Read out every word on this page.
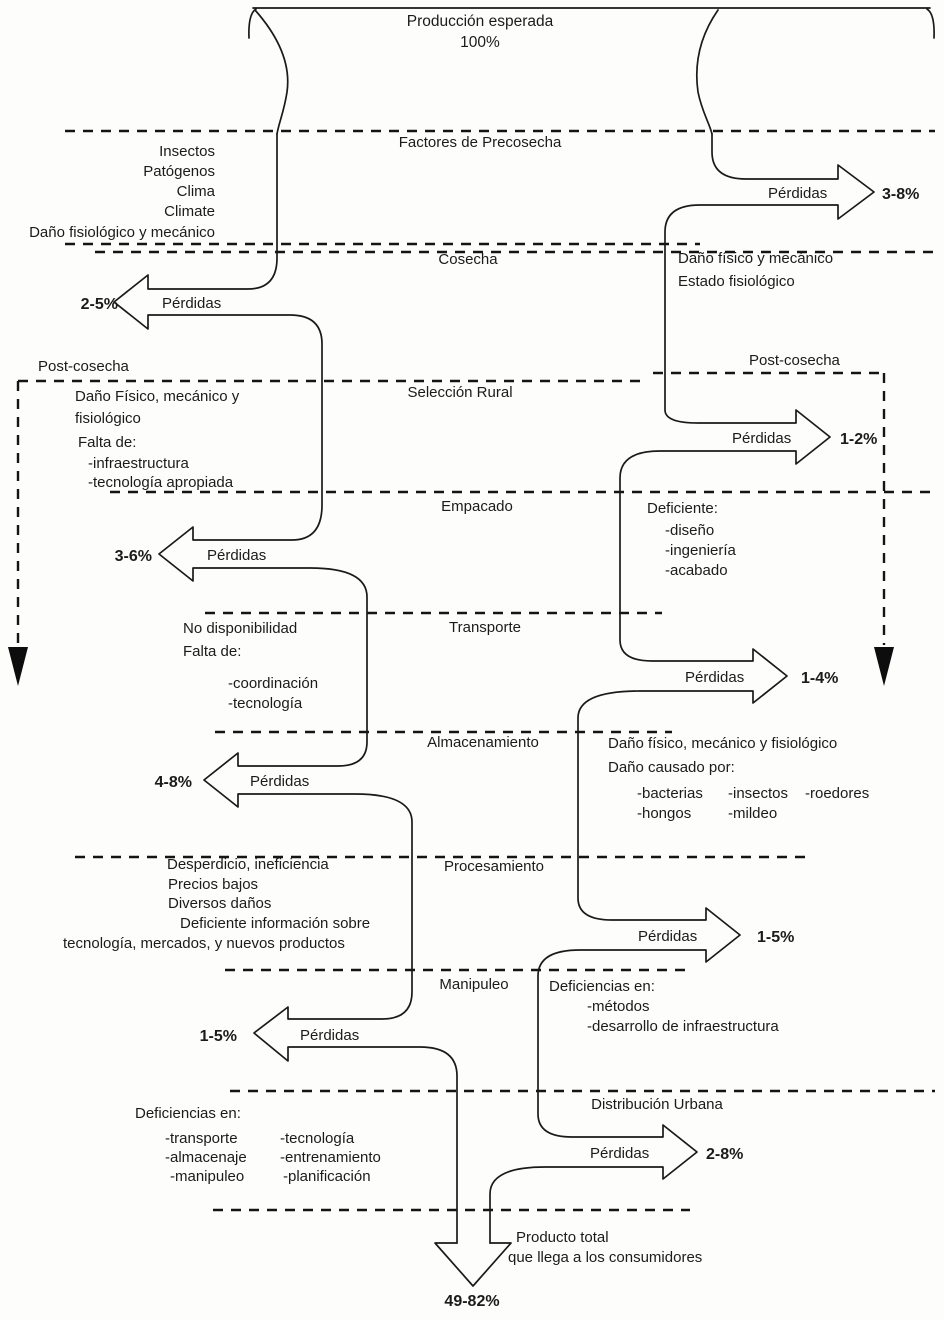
Producción esperada
100%
Factores de Precosecha
Cosecha
Post-cosecha	Post-cosecha
Selección Rural
Empacado
Transporte
Almacenamiento
Procesamiento
Manipuleo
Distribución Urbana
Insectos
Patógenos
Clima
Climate
Daño fisiológico y mecánico
Daño físico y mecánico
Estado fisiológico
Daño Físico, mecánico y
fisiológico
Falta de:
-infraestructura
-tecnología apropiada
Deficiente:
-diseño
-ingeniería
-acabado
No disponibilidad
Falta de:
-coordinación
-tecnología
Daño físico, mecánico y fisiológico
Daño causado por:
-bacterias -insectos -roedores
-hongos -mildeo
Desperdicio, ineficiencia
Precios bajos
Diversos daños
Deficiente información sobre
tecnología, mercados, y nuevos productos
Deficiencias en:
-métodos
-desarrollo de infraestructura
Deficiencias en:
-transporte
-almacenaje
-manipuleo
-tecnología
-entrenamiento
-planificación
Pérdidas	3-8%
Pérdidas
2-5%
Pérdidas	1-2%
Pérdidas
3-6%
Pérdidas	1-4%
Pérdidas
4-8%
Pérdidas	1-5%
Pérdidas
1-5%
Pérdidas	2-8%
Producto total
que llega a los consumidores
49-82%
